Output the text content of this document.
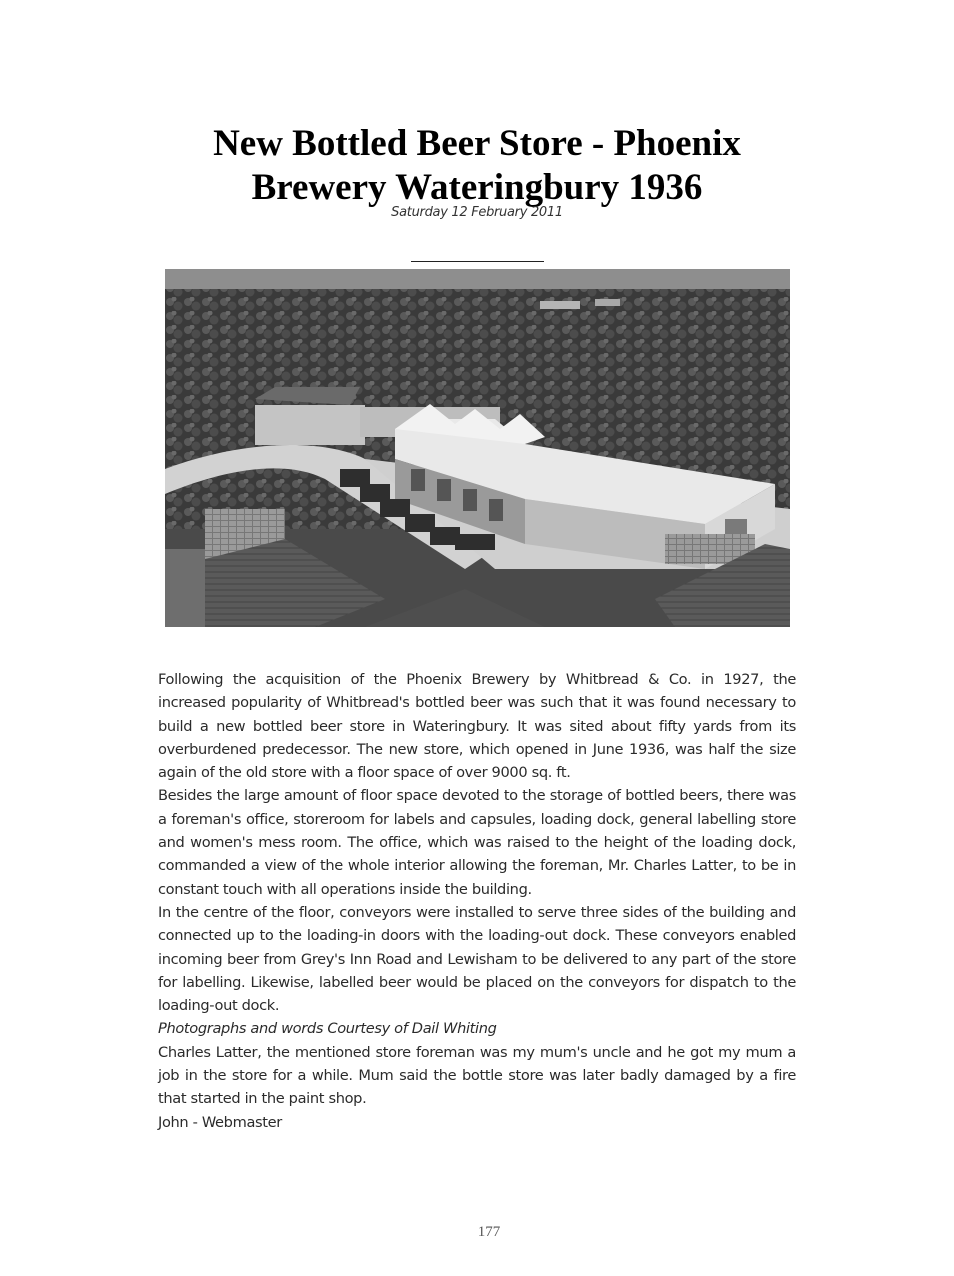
New Bottled Beer Store - Phoenix
Brewery Wateringbury 1936
Saturday 12 February 2011

Following the acquisition of the Phoenix Brewery by Whitbread & Co. in 1927, the increased popularity of Whitbread's bottled beer was such that it was found necessary to build a new bottled beer store in Wateringbury. It was sited about fifty yards from its overburdened predecessor. The new store, which opened in June 1936, was half the size again of the old store with a floor space of over 9000 sq. ft.

Besides the large amount of floor space devoted to the storage of bottled beers, there was a foreman's office, storeroom for labels and capsules, loading dock, general labelling store and women's mess room. The office, which was raised to the height of the loading dock, commanded a view of the whole interior allowing the foreman, Mr. Charles Latter, to be in constant touch with all operations inside the building.

In the centre of the floor, conveyors were installed to serve three sides of the building and connected up to the loading-in doors with the loading-out dock. These conveyors enabled incoming beer from Grey's Inn Road and Lewisham to be delivered to any part of the store for labelling. Likewise, labelled beer would be placed on the conveyors for dispatch to the loading-out dock.

Photographs and words Courtesy of Dail Whiting

Charles Latter, the mentioned store foreman was my mum's uncle and he got my mum a job in the store for a while. Mum said the bottle store was later badly damaged by a fire that started in the paint shop.

John - Webmaster

177
